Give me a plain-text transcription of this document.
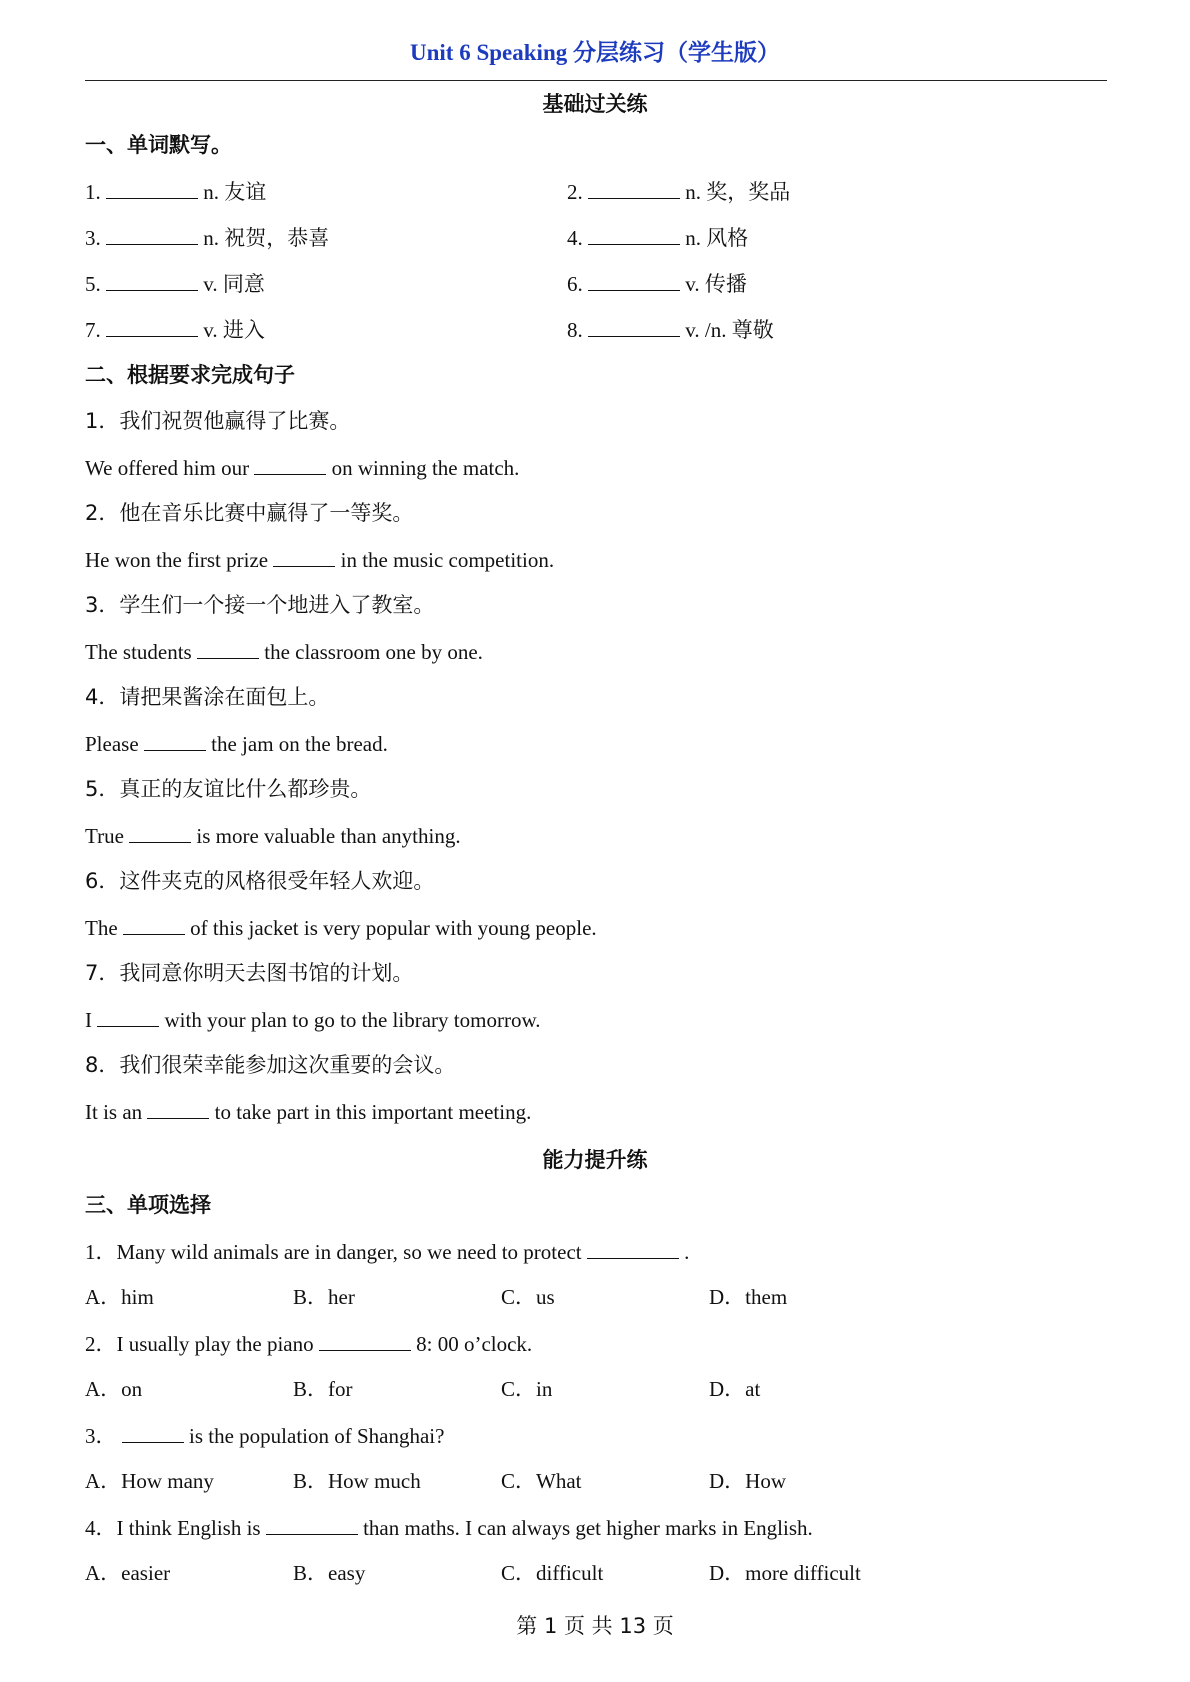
Unit 6 Speaking 分层练习（学生版）
基础过关练
一、单词默写。
1.	n. 友谊	2.	n. 奖，奖品
3.	n. 祝贺，恭喜	4.	n. 风格
5.	v. 同意	6.	v. 传播
7.	v. 进入	8.	v. /n. 尊敬
二、根据要求完成句子
1．我们祝贺他赢得了比赛。
We offered him our	on winning the match.
2．他在音乐比赛中赢得了一等奖。
He won the first prize	in the music competition.
3．学生们一个接一个地进入了教室。
The students	the classroom one by one.
4．请把果酱涂在面包上。
Please	the jam on the bread.
5．真正的友谊比什么都珍贵。
True	is more valuable than anything.
6．这件夹克的风格很受年轻人欢迎。
The	of this jacket is very popular with young people.
7．我同意你明天去图书馆的计划。
I	with your plan to go to the library tomorrow.
8．我们很荣幸能参加这次重要的会议。
It is an	to take part in this important meeting.
能力提升练
三、单项选择
1．Many wild animals are in danger, so we need to protect	.
A．him	B．her	C．us	D．them
2．I usually play the piano	8: 00 o’clock.
A．on	B．for	C．in	D．at
3．	is the population of Shanghai?
A．How many	B．How much	C．What	D．How
4．I think English is	than maths. I can always get higher marks in English.
A．easier	B．easy	C．difficult	D．more difficult
第 1 页 共 13 页
